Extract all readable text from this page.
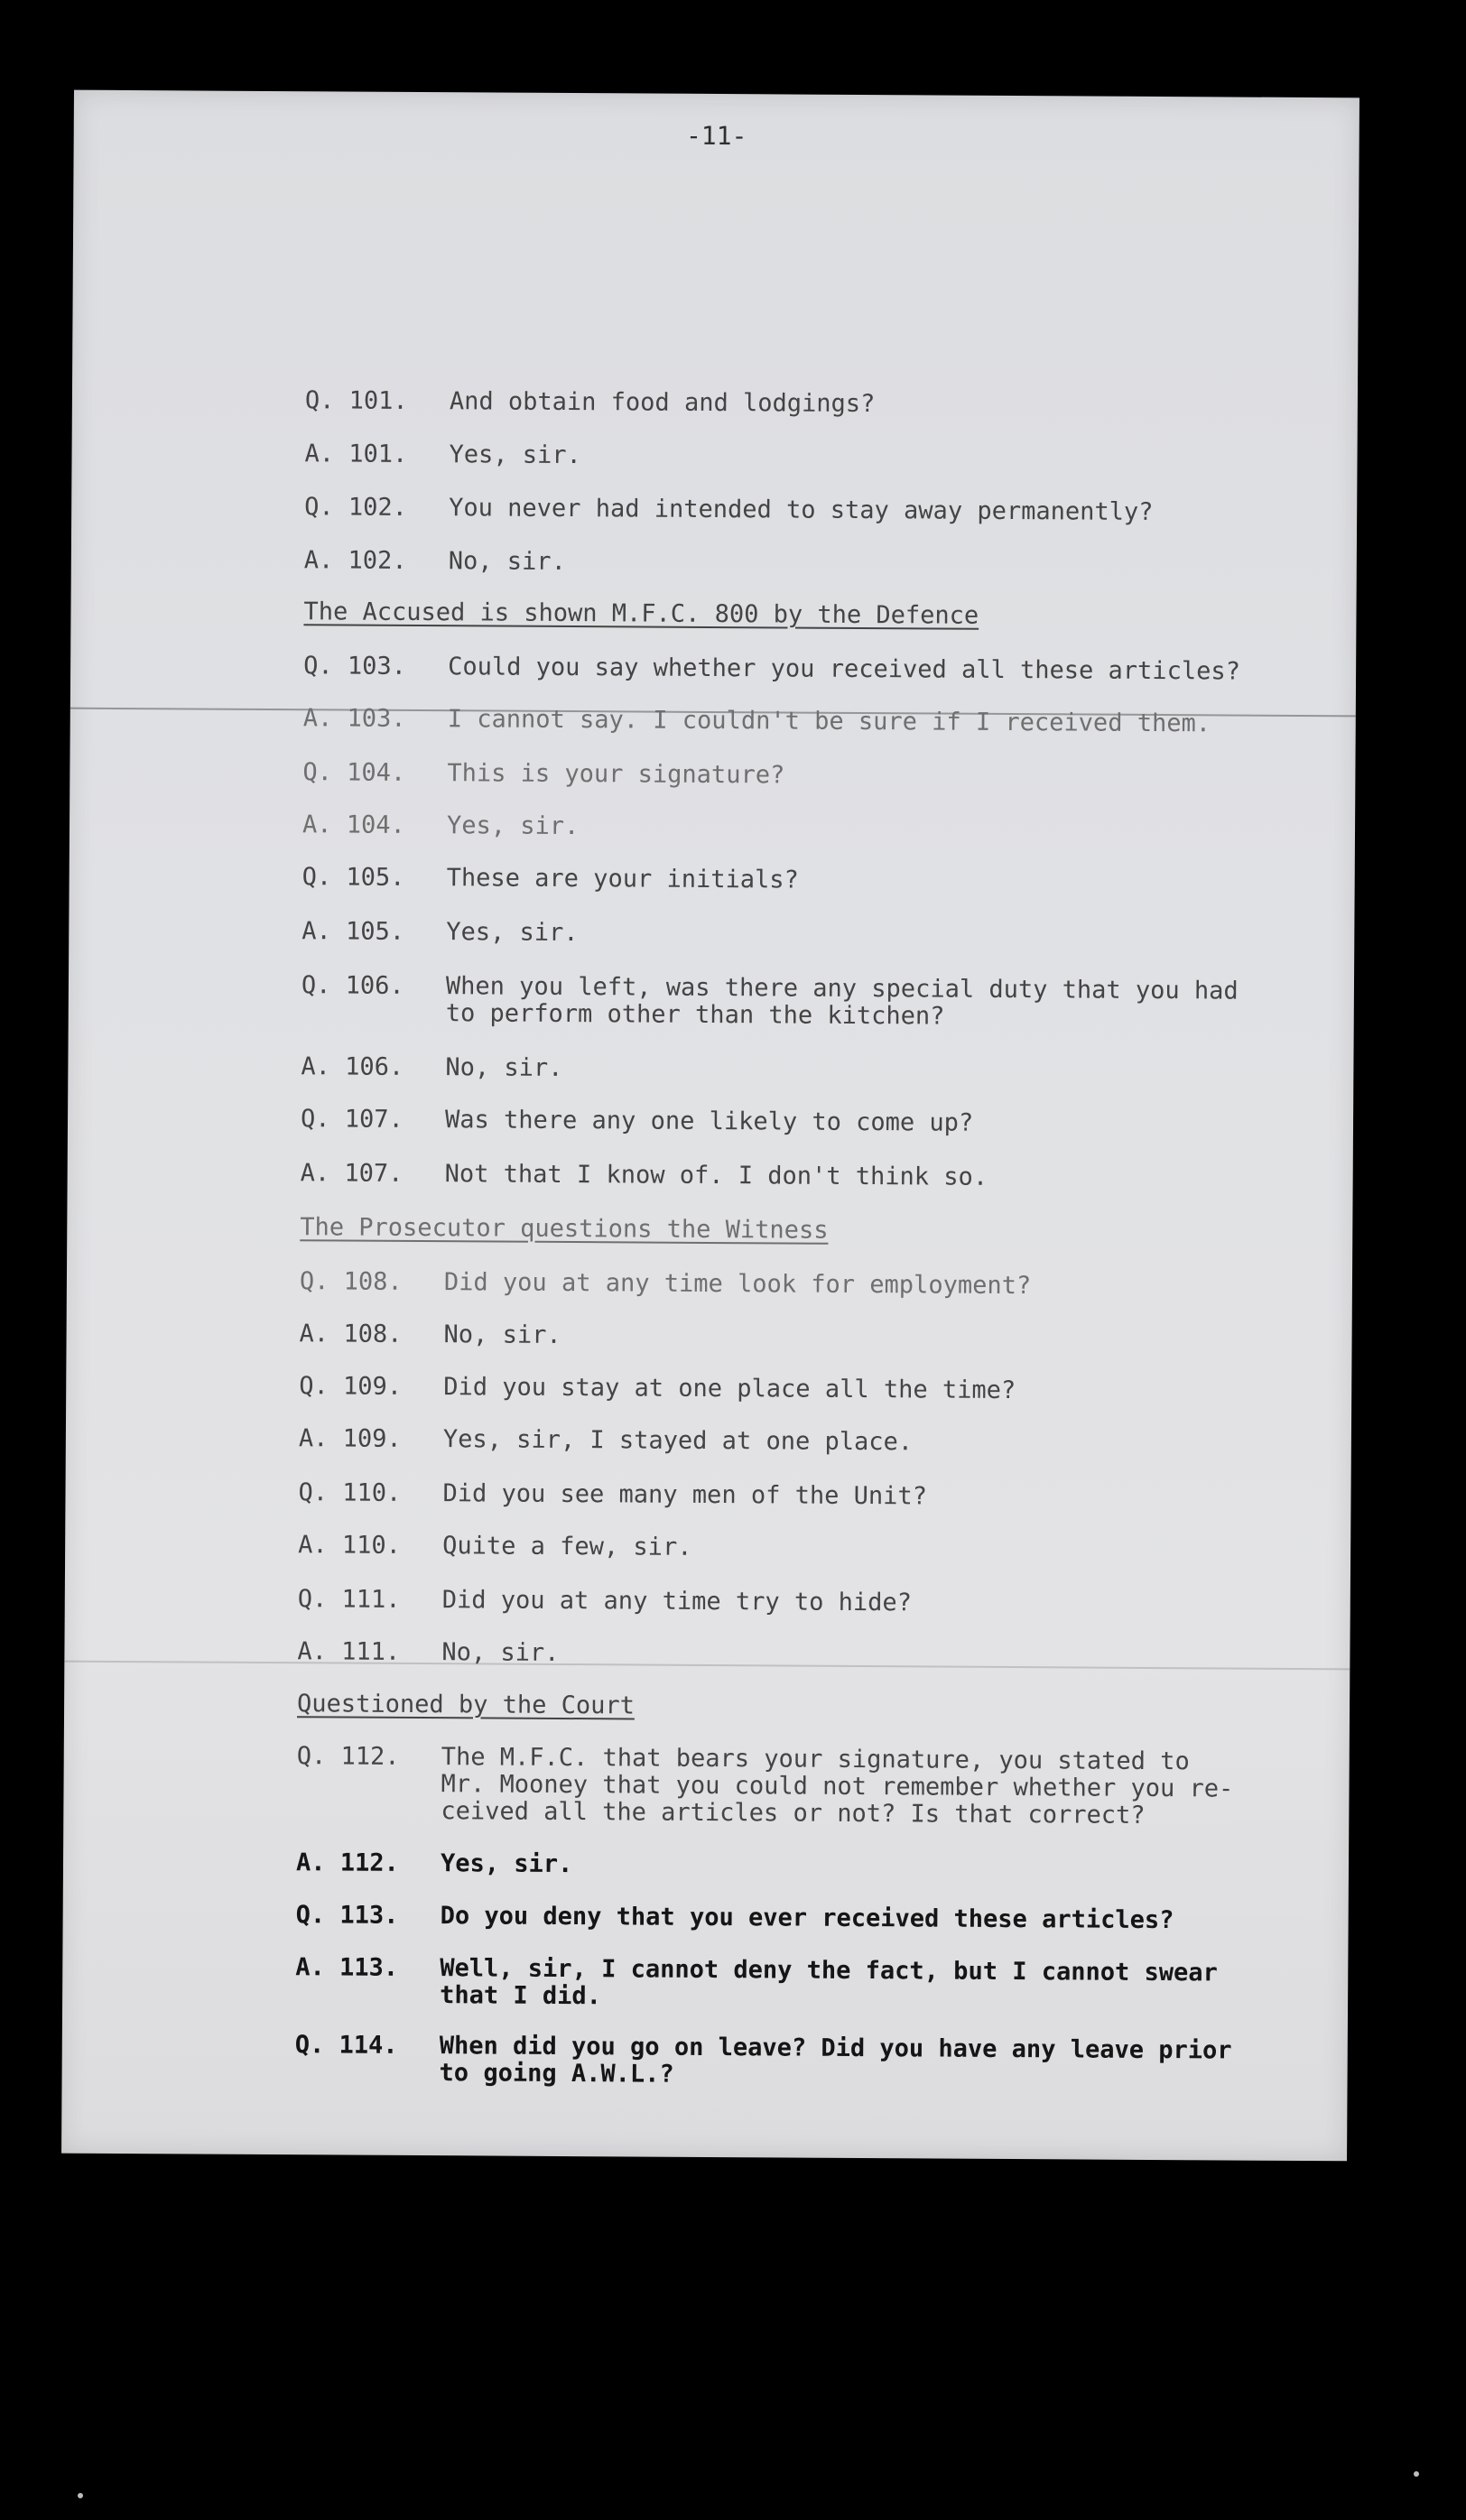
-11-
Q. 101. And obtain food and lodgings?
A. 101. Yes, sir.
Q. 102. You never had intended to stay away permanently?
A. 102. No, sir.
The Accused is shown M.F.C. 800 by the Defence
Q. 103. Could you say whether you received all these articles?
A. 103. I cannot say. I couldn't be sure if I received them.
Q. 104. This is your signature?
A. 104. Yes, sir.
Q. 105. These are your initials?
A. 105. Yes, sir.
Q. 106. When you left, was there any special duty that you had
to perform other than the kitchen?
A. 106. No, sir.
Q. 107. Was there any one likely to come up?
A. 107. Not that I know of. I don't think so.
The Prosecutor questions the Witness
Q. 108. Did you at any time look for employment?
A. 108. No, sir.
Q. 109. Did you stay at one place all the time?
A. 109. Yes, sir, I stayed at one place.
Q. 110. Did you see many men of the Unit?
A. 110. Quite a few, sir.
Q. 111. Did you at any time try to hide?
A. 111. No, sir.
Questioned by the Court
Q. 112. The M.F.C. that bears your signature, you stated to
Mr. Mooney that you could not remember whether you re-
ceived all the articles or not? Is that correct?
A. 112. Yes, sir.
Q. 113. Do you deny that you ever received these articles?
A. 113. Well, sir, I cannot deny the fact, but I cannot swear
that I did.
Q. 114. When did you go on leave? Did you have any leave prior
to going A.W.L.?
